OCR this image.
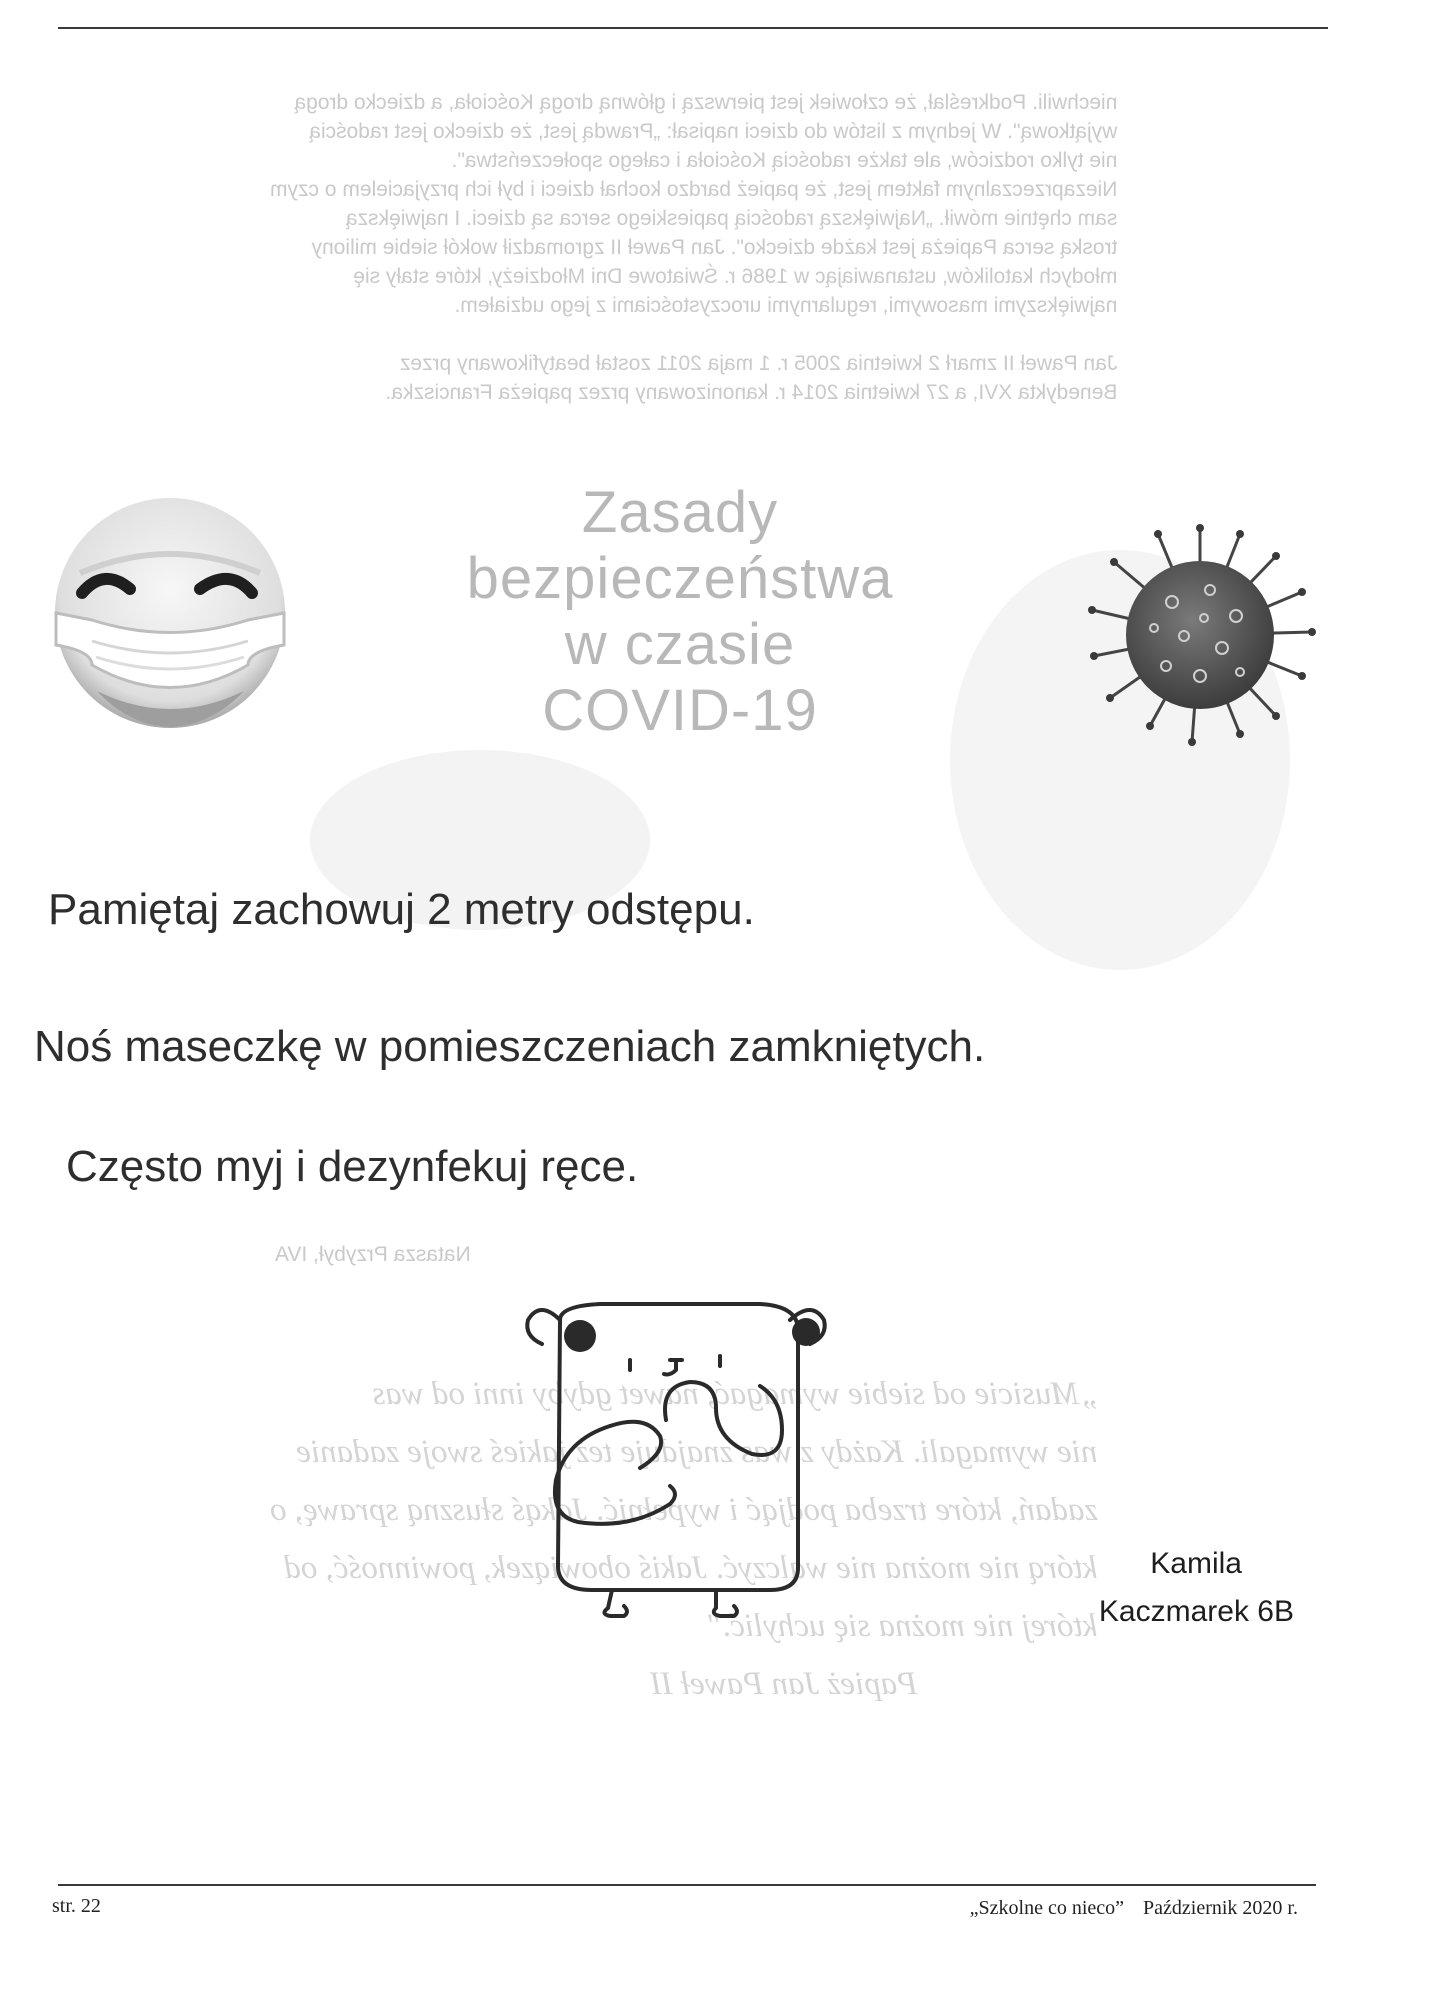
niechwili. Podkreślał, że człowiek jest pierwszą i główną drogą Kościoła, a dziecko drogą
wyjątkową". W jednym z listów do dzieci napisał: „Prawdą jest, że dziecko jest radością
nie tylko rodziców, ale także radością Kościoła i całego społeczeństwa".
Niezaprzeczalnym faktem jest, że papież bardzo kochał dzieci i był ich przyjacielem o czym
sam chętnie mówił. „Największą radością papieskiego serca są dzieci. I największą
troską serca Papieża jest każde dziecko". Jan Paweł II zgromadził wokół siebie miliony
młodych katolików, ustanawiając w 1986 r. Światowe Dni Młodzieży, które stały się
największymi masowymi, regularnymi uroczystościami z jego udziałem.

Jan Paweł II zmarł 2 kwietnia 2005 r. 1 maja 2011 został beatyfikowany przez
Benedykta XVI, a 27 kwietnia 2014 r. kanonizowany przez papieża Franciszka.
Natasza Przybył, IVA
„Musicie od siebie wymagać, nawet gdyby inni od was
nie wymagali. Każdy z was znajduje też jakieś swoje zadanie
zadań, które trzeba podjąć i wypełnić. Jakąś słuszną sprawę, o
którą nie można nie walczyć. Jakiś obowiązek, powinność, od
której nie można się uchylić."
Papież Jan Paweł II
Zasady
bezpieczeństwa
w czasie
COVID-19
Pamiętaj zachowuj 2 metry odstępu.
Noś maseczkę w pomieszczeniach zamkniętych.
Często myj i dezynfekuj ręce.
Kamila
Kaczmarek 6B
str. 22	„Szkolne co nieco” Październik 2020 r.
